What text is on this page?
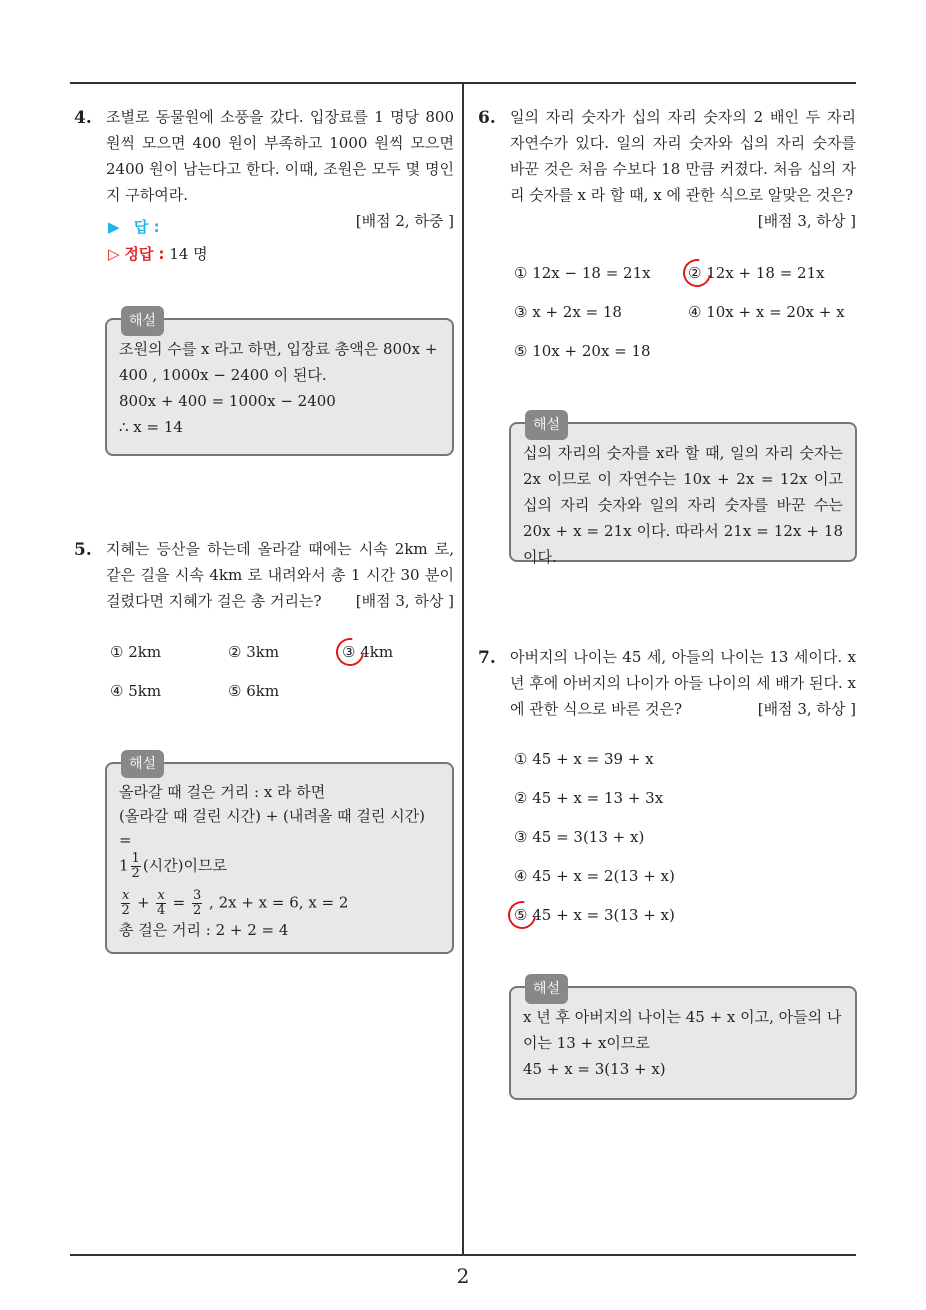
2
4. 조별로 동물원에 소풍을 갔다. 입장료를 1 명당 800 원씩 모으면 400 원이 부족하고 1000 원씩 모으면 2400 원이 남는다고 한다. 이때, 조원은 모두 몇 명인지 구하여라.
[배점 2, 하중 ]
▶ 답 :
▷ 정답 : 14 명
해설
조원의 수를 x 라고 하면, 입장료 총액은 800x + 400 , 1000x − 2400 이 된다.
800x + 400 = 1000x − 2400
∴ x = 14
5. 지혜는 등산을 하는데 올라갈 때에는 시속 2km 로, 같은 길을 시속 4km 로 내려와서 총 1 시간 30 분이 걸렸다면 지혜가 걸은 총 거리는?	[배점 3, 하상 ]
① 2km	② 3km	③ 4km
④ 5km	⑤ 6km
해설
올라갈 때 걸은 거리 : x 라 하면
(올라갈 때 걸린 시간) + (내려올 때 걸린 시간) =
$1 \frac{1}{2}$ (시간)이므로
$\frac{x}{2} + \frac{x}{4} = \frac{3}{2}$ , 2x + x = 6, x = 2
총 걸은 거리 : 2 + 2 = 4
6. 일의 자리 숫자가 십의 자리 숫자의 2 배인 두 자리 자연수가 있다. 일의 자리 숫자와 십의 자리 숫자를 바꾼 것은 처음 수보다 18 만큼 커졌다. 처음 십의 자리 숫자를 x 라 할 때, x 에 관한 식으로 알맞은 것은?
[배점 3, 하상 ]
① 12x − 18 = 21x ② 12x + 18 = 21x
③ x + 2x = 18	④ 10x + x = 20x + x
⑤ 10x + 20x = 18
해설
십의 자리의 숫자를 x라 할 때, 일의 자리 숫자는 2x 이므로 이 자연수는 10x + 2x = 12x 이고 십의 자리 숫자와 일의 자리 숫자를 바꾼 수는 20x + x = 21x 이다. 따라서 21x = 12x + 18이다.
7. 아버지의 나이는 45 세, 아들의 나이는 13 세이다. x년 후에 아버지의 나이가 아들 나이의 세 배가 된다. x 에 관한 식으로 바른 것은?	[배점 3, 하상 ]
① 45 + x = 39 + x
② 45 + x = 13 + 3x
③ 45 = 3(13 + x)
④ 45 + x = 2(13 + x)
⑤ 45 + x = 3(13 + x)
해설
x 년 후 아버지의 나이는 45 + x 이고, 아들의 나이는 13 + x이므로
45 + x = 3(13 + x)
